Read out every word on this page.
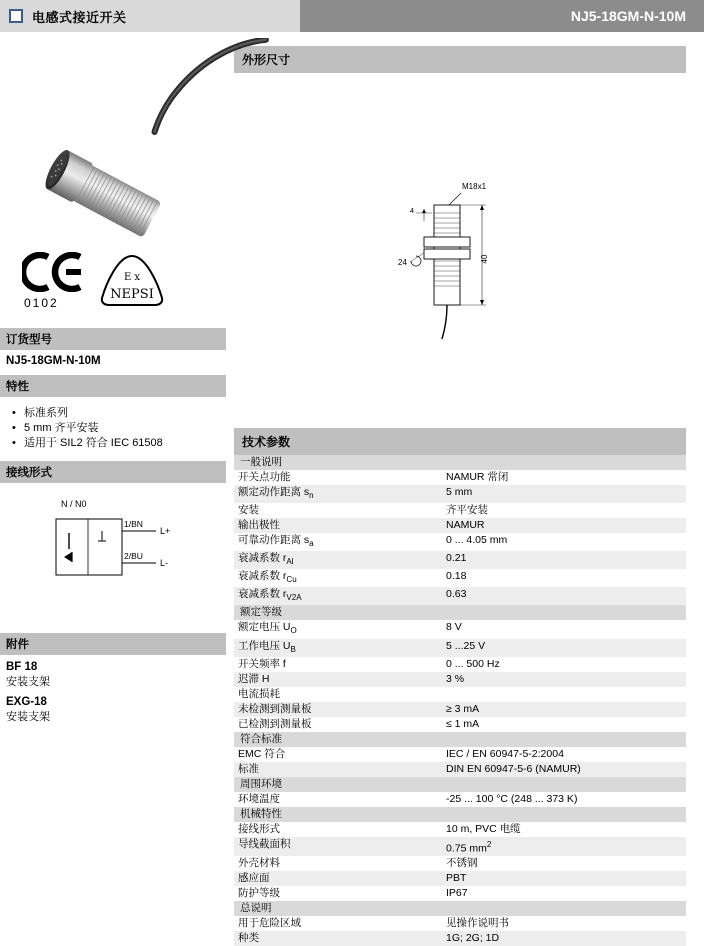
电感式接近开关	NJ5-18GM-N-10M
0102
E x
NEPSI
订货型号
NJ5-18GM-N-10M
特性
• 标准系列
• 5 mm 齐平安装
• 适用于 SIL2 符合 IEC 61508
接线形式
N / N0
1/BN
2/BU
L+
L-
附件
BF 18
安装支架
EXG-18
安装支架
外形尺寸
M18x1
40
4
24
技术参数
一般说明	
开关点功能	NAMUR 常闭
额定动作距离 $s_n$	5 mm
安装	齐平安装
输出极性	NAMUR
可靠动作距离 $s_a$	0 ... 4.05 mm
衰减系数 $r_{Al}$	0.21
衰减系数 $r_{Cu}$	0.18
衰减系数 $r_{V2A}$	0.63
额定等级	
额定电压 $U_O$	8 V
工作电压 $U_B$	5 ...25 V
开关频率 f	0 ... 500 Hz
迟滞 H	3 %
电流损耗	
未检测到测量板	≥ 3 mA
已检测到测量板	≤ 1 mA
符合标准	
EMC 符合	IEC / EN 60947-5-2:2004
标准	DIN EN 60947-5-6 (NAMUR)
周围环境	
环境温度	-25 ... 100 °C (248 ... 373 K)
机械特性	
接线形式	10 m, PVC 电缆
导线截面积	0.75 $mm^2$
外壳材料	不锈钢
感应面	PBT
防护等级	IP67
总说明	
用于危险区域	见操作说明书
种类	1G; 2G; 1D
